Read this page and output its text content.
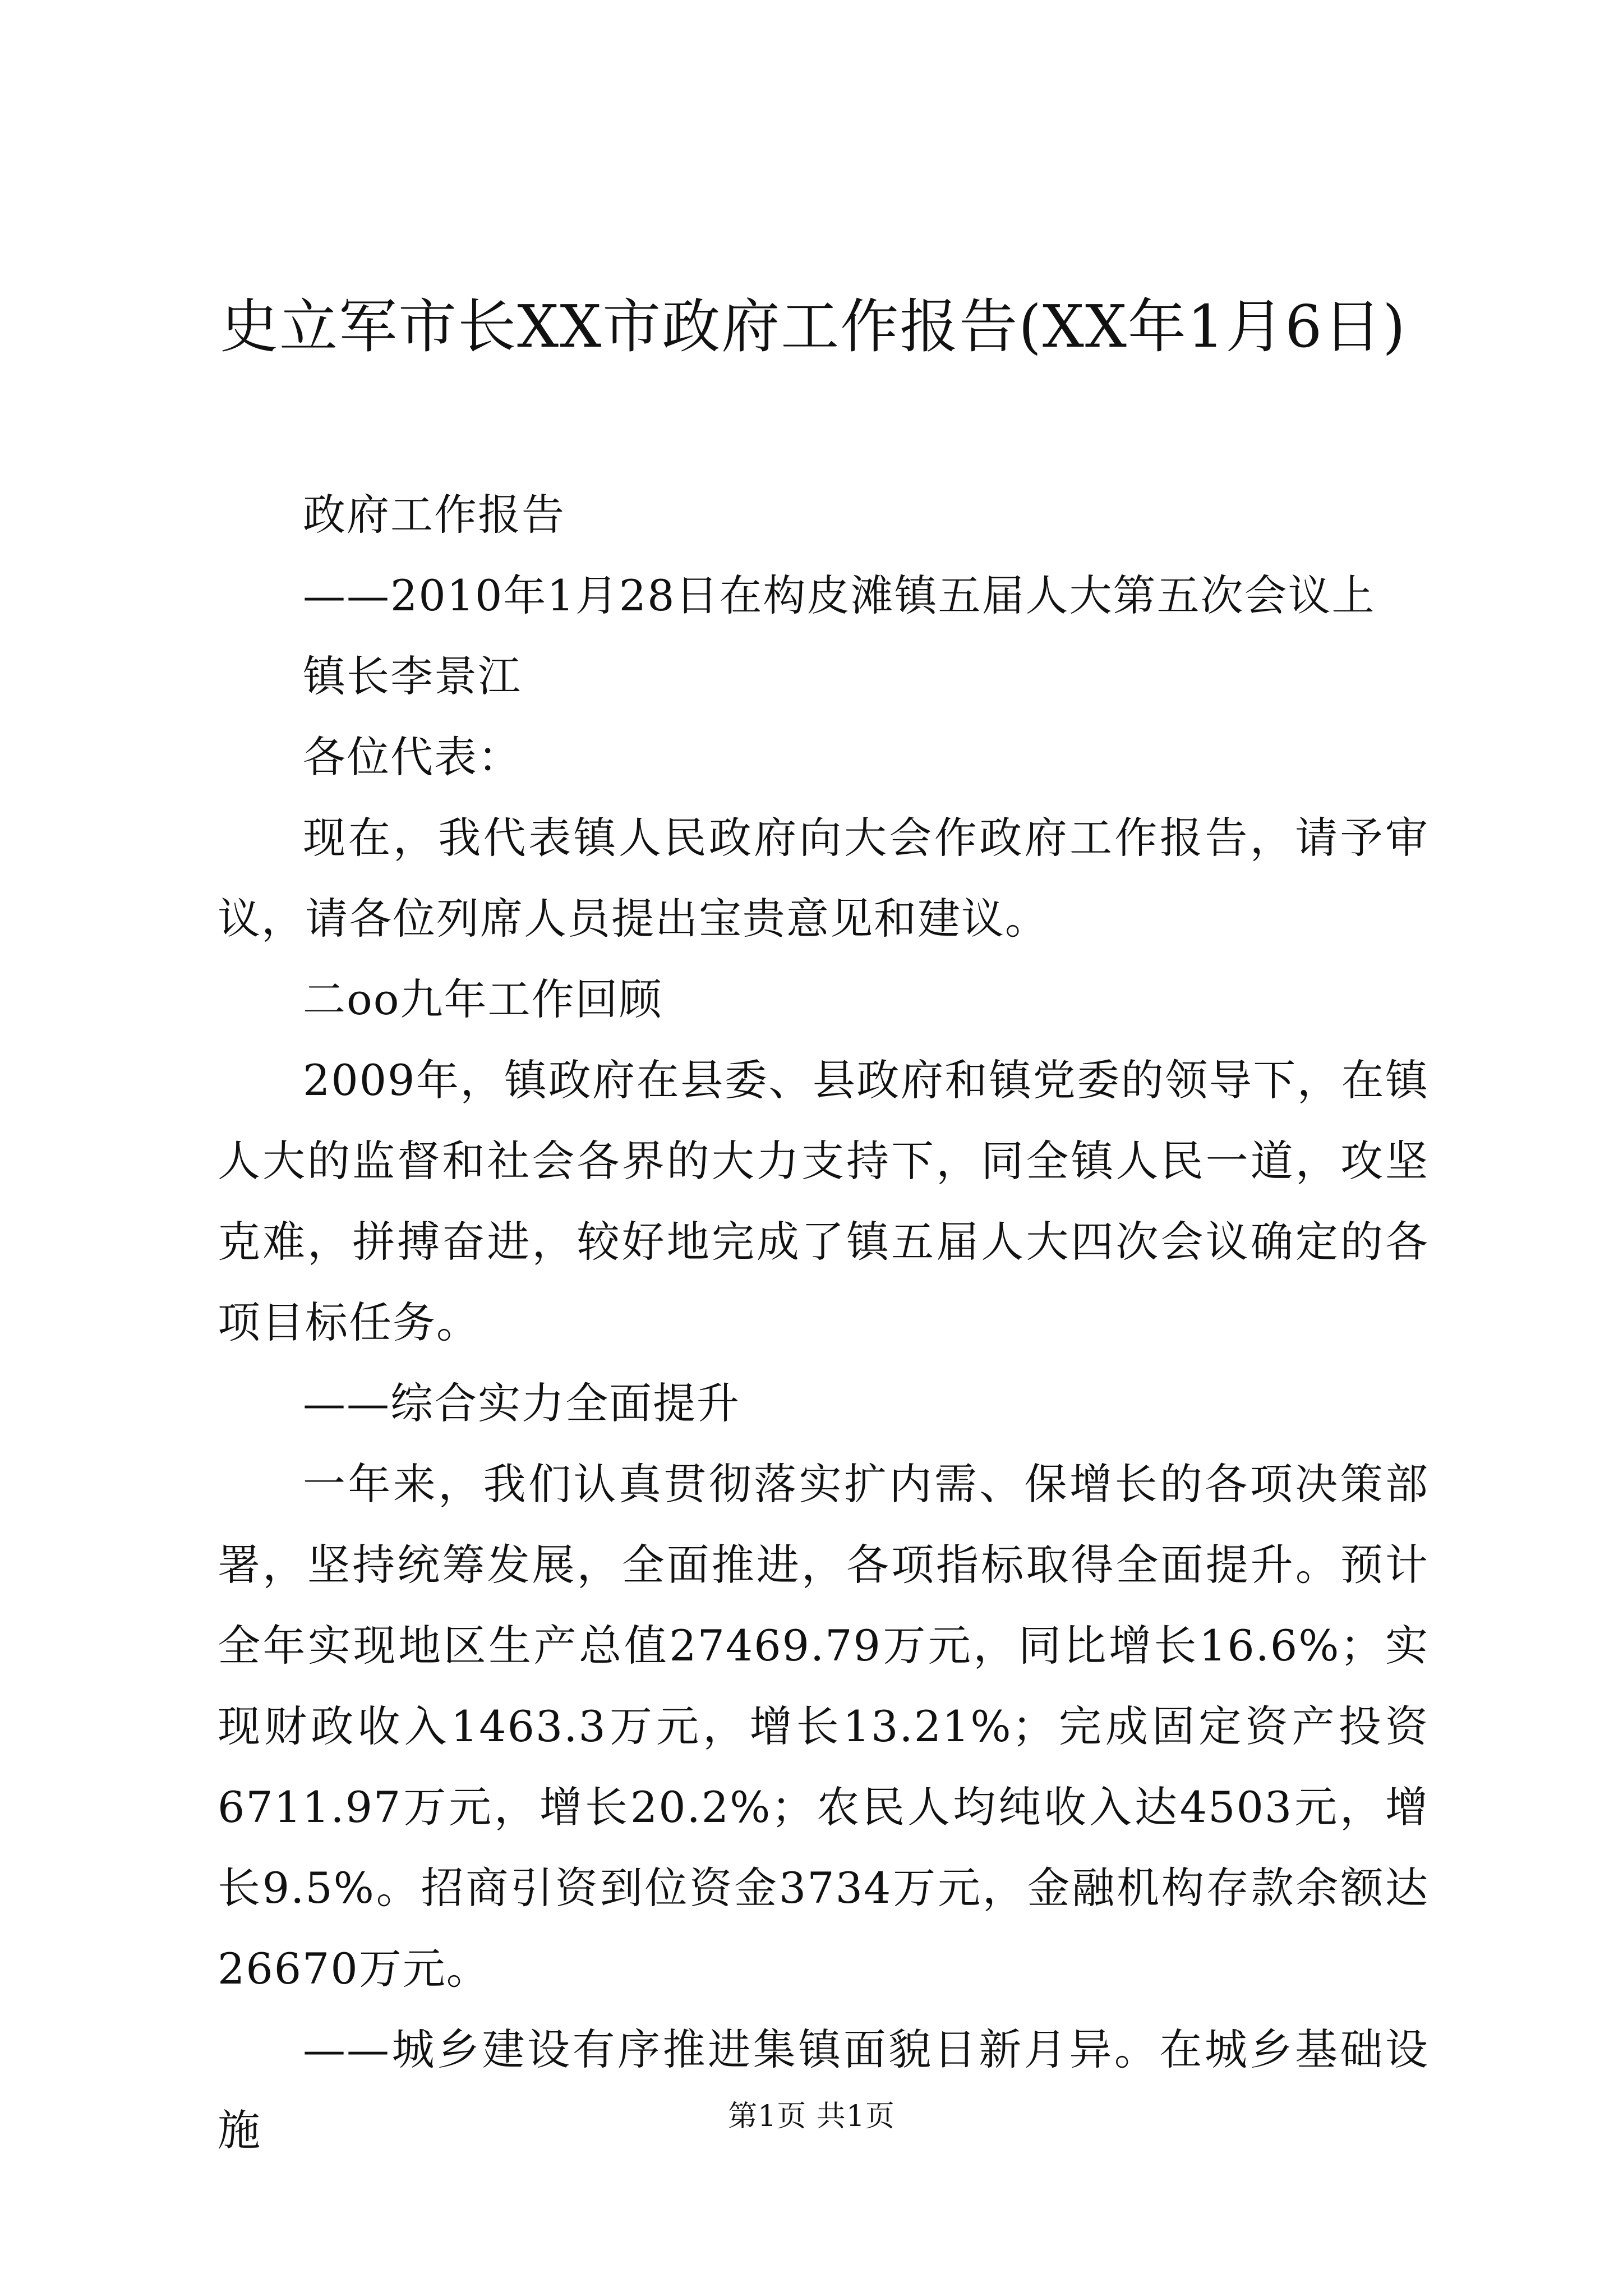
史立军市长XX市政府工作报告(XX年1月6日)

政府工作报告

——2010年1月28日在构皮滩镇五届人大第五次会议上

镇长李景江

各位代表：

现在，我代表镇人民政府向大会作政府工作报告，请予审议，请各位列席人员提出宝贵意见和建议。

二oo九年工作回顾

2009年，镇政府在县委、县政府和镇党委的领导下，在镇人大的监督和社会各界的大力支持下，同全镇人民一道，攻坚克难，拼搏奋进，较好地完成了镇五届人大四次会议确定的各项目标任务。

——综合实力全面提升

一年来，我们认真贯彻落实扩内需、保增长的各项决策部署，坚持统筹发展，全面推进，各项指标取得全面提升。预计全年实现地区生产总值27469.79万元，同比增长16.6%；实现财政收入1463.3万元，增长13.21%；完成固定资产投资6711.97万元，增长20.2%；农民人均纯收入达4503元，增长9.5%。招商引资到位资金3734万元，金融机构存款余额达26670万元。

——城乡建设有序推进集镇面貌日新月异。在城乡基础设施	第1页 共1页
